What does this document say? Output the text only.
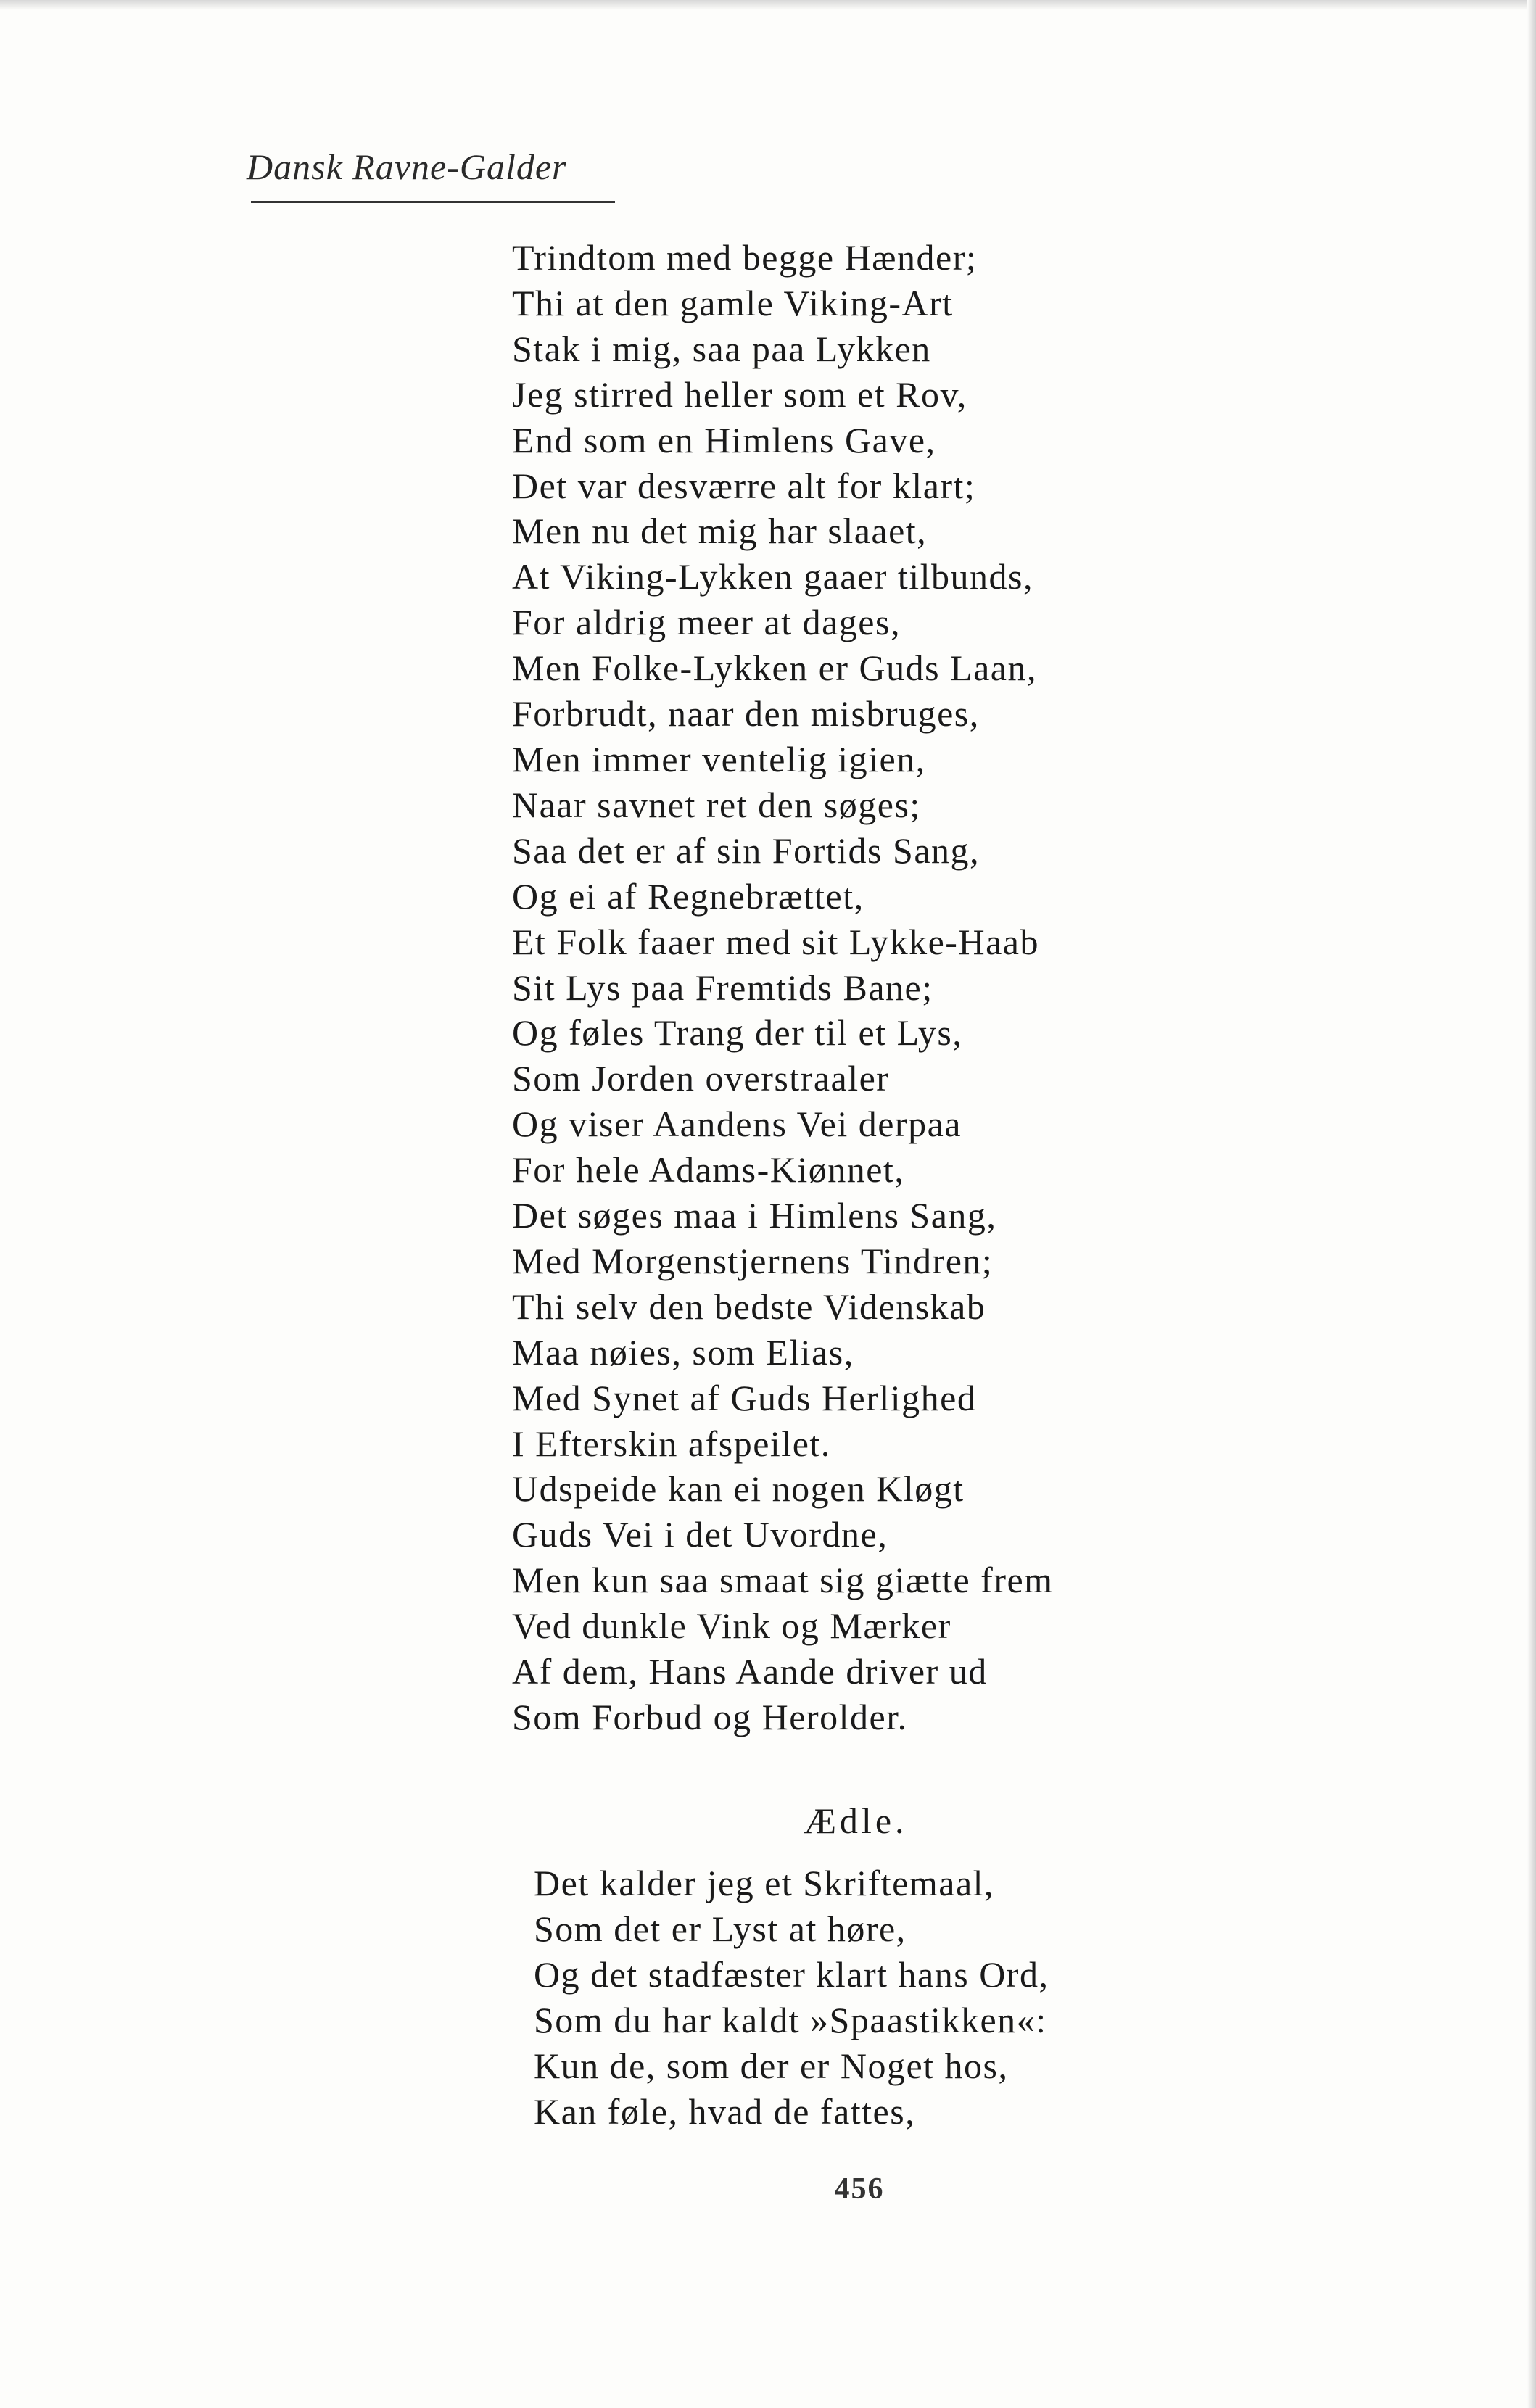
Dansk Ravne-Galder
Trindtom med begge Hænder;
Thi at den gamle Viking-Art
Stak i mig, saa paa Lykken
Jeg stirred heller som et Rov,
End som en Himlens Gave,
Det var desværre alt for klart;
Men nu det mig har slaaet,
At Viking-Lykken gaaer tilbunds,
For aldrig meer at dages,
Men Folke-Lykken er Guds Laan,
Forbrudt, naar den misbruges,
Men immer ventelig igien,
Naar savnet ret den søges;
Saa det er af sin Fortids Sang,
Og ei af Regnebrættet,
Et Folk faaer med sit Lykke-Haab
Sit Lys paa Fremtids Bane;
Og føles Trang der til et Lys,
Som Jorden overstraaler
Og viser Aandens Vei derpaa
For hele Adams-Kiønnet,
Det søges maa i Himlens Sang,
Med Morgenstjernens Tindren;
Thi selv den bedste Videnskab
Maa nøies, som Elias,
Med Synet af Guds Herlighed
I Efterskin afspeilet.
Udspeide kan ei nogen Kløgt
Guds Vei i det Uvordne,
Men kun saa smaat sig giætte frem
Ved dunkle Vink og Mærker
Af dem, Hans Aande driver ud
Som Forbud og Herolder.
Ædle.
Det kalder jeg et Skriftemaal,
Som det er Lyst at høre,
Og det stadfæster klart hans Ord,
Som du har kaldt »Spaastikken«:
Kun de, som der er Noget hos,
Kan føle, hvad de fattes,
456
